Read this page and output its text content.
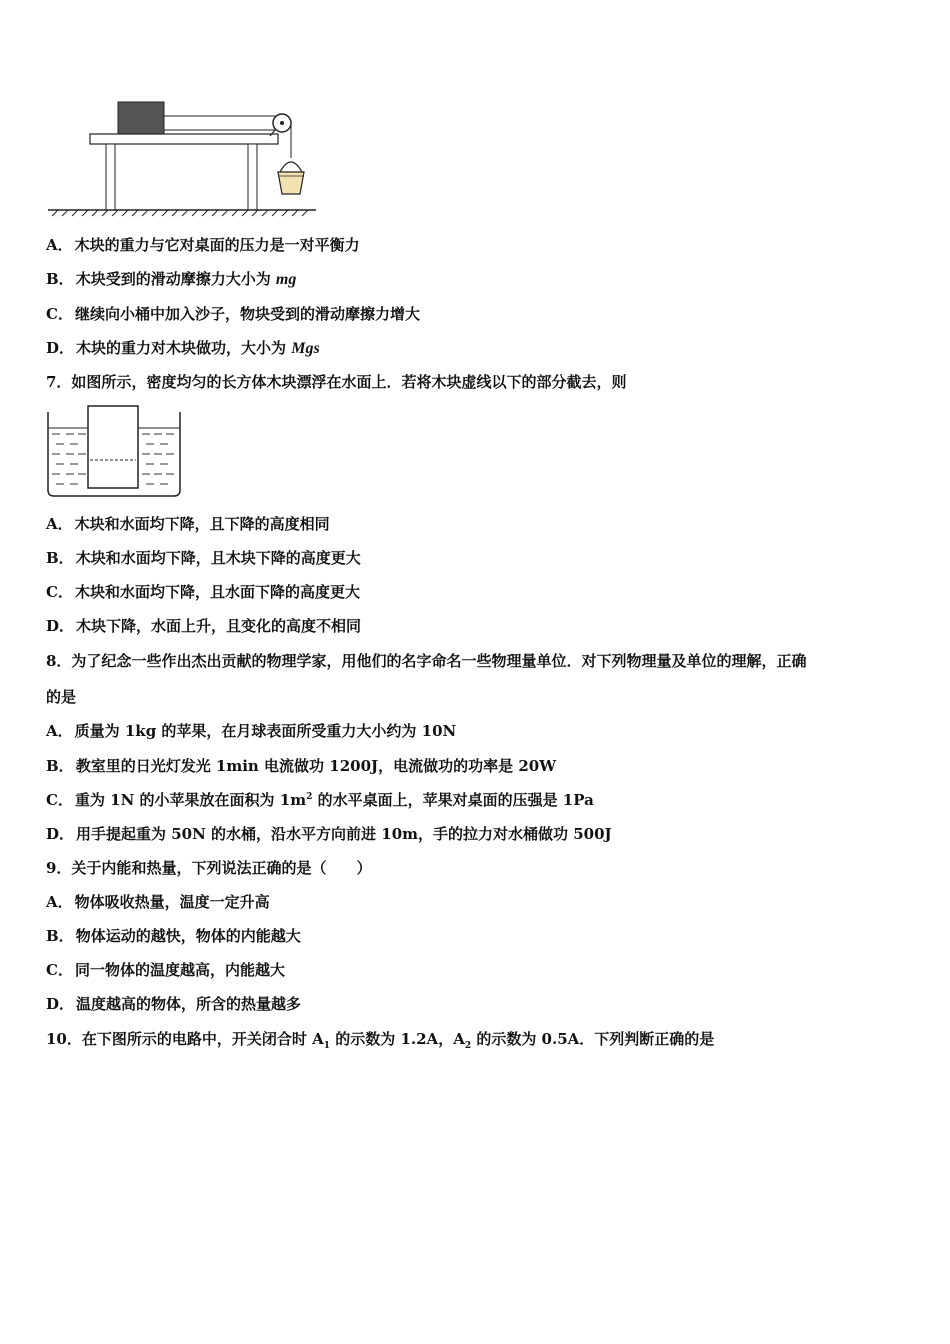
A． 木块的重力与它对桌面的压力是一对平衡力
B． 木块受到的滑动摩擦力大小为 mg
C． 继续向小桶中加入沙子，物块受到的滑动摩擦力增大
D． 木块的重力对木块做功，大小为 Mgs
7．如图所示，密度均匀的长方体木块漂浮在水面上．若将木块虚线以下的部分截去，则
A． 木块和水面均下降，且下降的高度相同
B． 木块和水面均下降，且木块下降的高度更大
C． 木块和水面均下降，且水面下降的高度更大
D． 木块下降，水面上升，且变化的高度不相同
8．为了纪念一些作出杰出贡献的物理学家，用他们的名字命名一些物理量单位．对下列物理量及单位的理解，正确
的是
A． 质量为 1kg 的苹果，在月球表面所受重力大小约为 10N
B． 教室里的日光灯发光 1min 电流做功 1200J，电流做功的功率是 20W
C． 重为 1N 的小苹果放在面积为 $1m^2$ 的水平桌面上，苹果对桌面的压强是 1Pa
D． 用手提起重为 50N 的水桶，沿水平方向前进 10m，手的拉力对水桶做功 500J
9．关于内能和热量，下列说法正确的是（　　）
A． 物体吸收热量，温度一定升高
B． 物体运动的越快，物体的内能越大
C． 同一物体的温度越高，内能越大
D． 温度越高的物体，所含的热量越多
10．在下图所示的电路中，开关闭合时 $A_1$ 的示数为 1.2A，$A_2$ 的示数为 0.5A．下列判断正确的是
